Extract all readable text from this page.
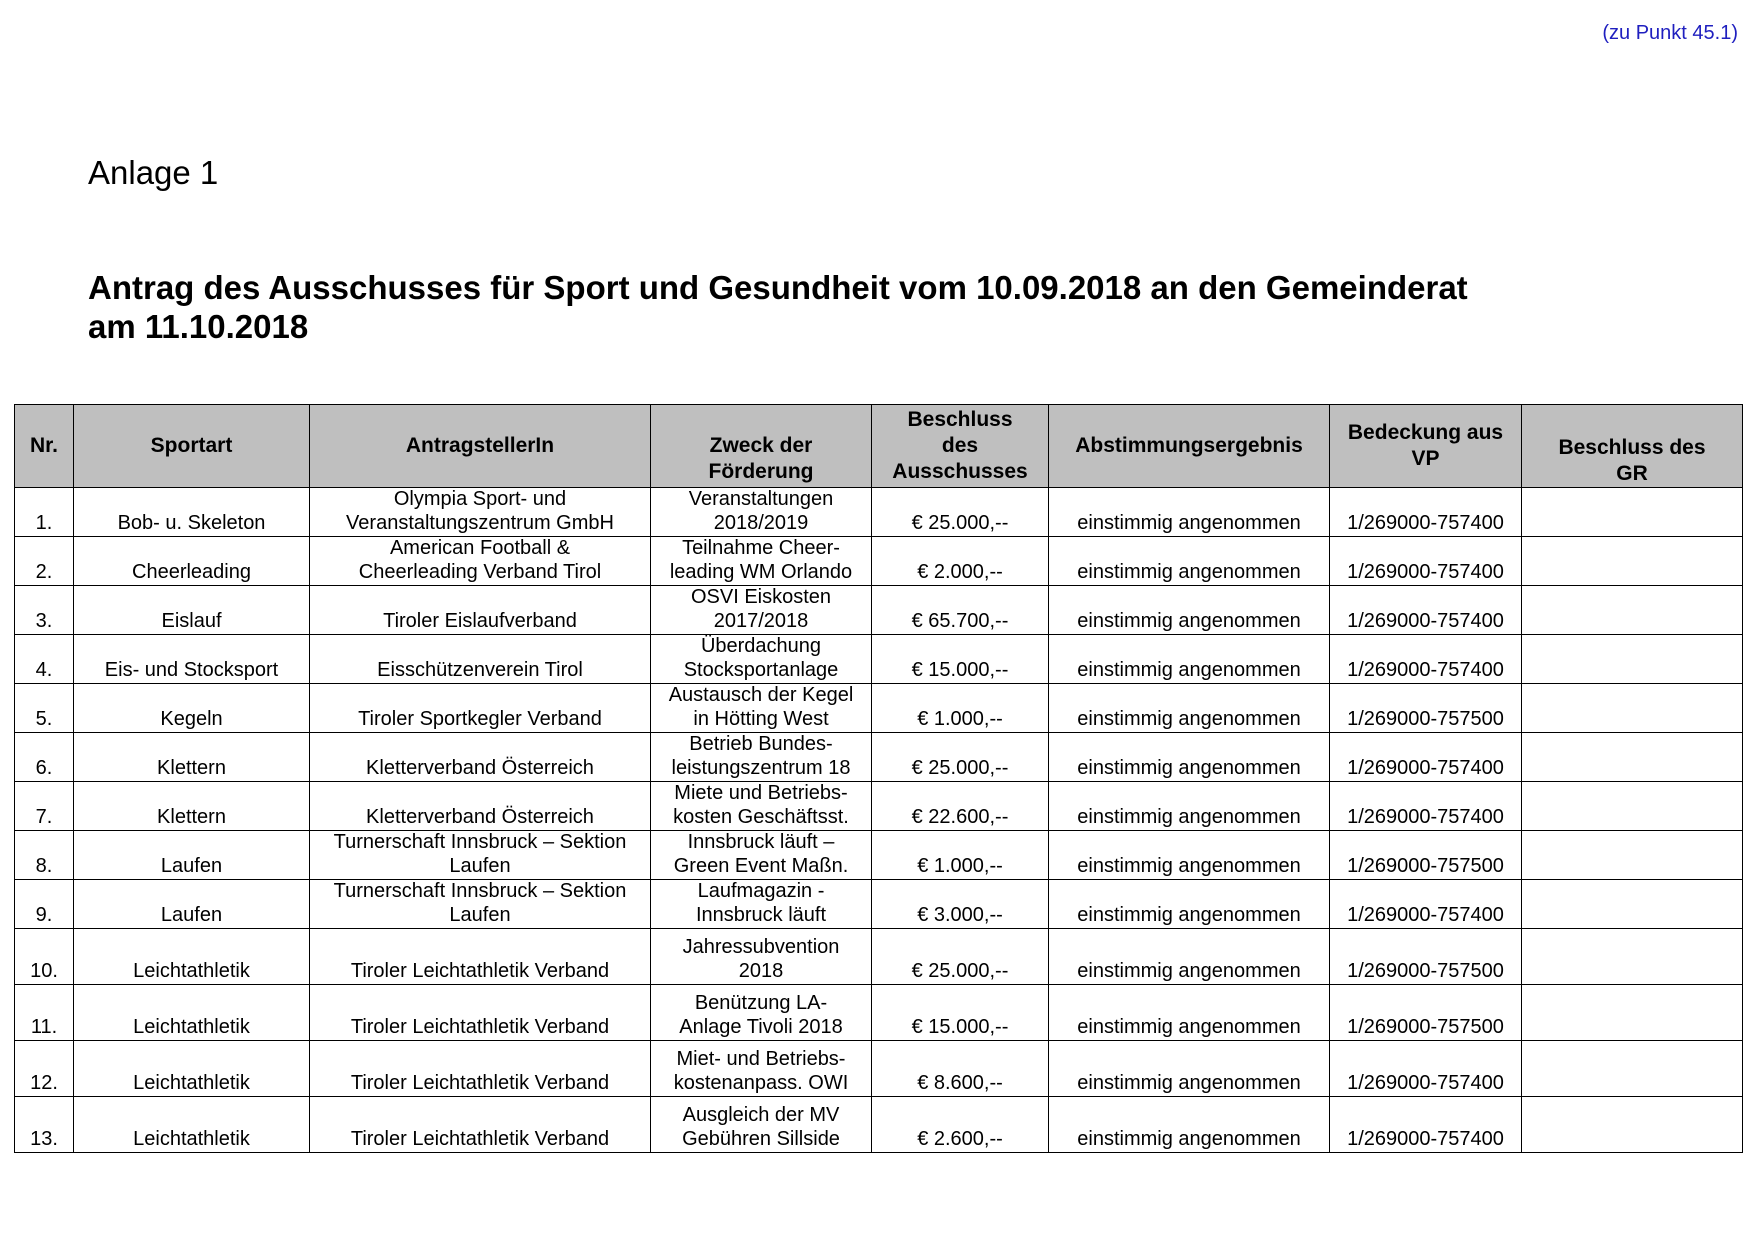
(zu Punkt 45.1)
Anlage 1
Antrag des Ausschusses für Sport und Gesundheit vom 10.09.2018 an den Gemeinderat am 11.10.2018
Nr.	Sportart	AntragstellerIn	Zweck der
Förderung	Beschluss
des
Ausschusses	Abstimmungsergebnis	Bedeckung aus
VP	Beschluss des
GR

1.	Bob- u. Skeleton	Olympia Sport- und
Veranstaltungszentrum GmbH	Veranstaltungen
2018/2019	€ 25.000,--	einstimmig angenommen	1/269000-757400	
2.	Cheerleading	American Football &
Cheerleading Verband Tirol	Teilnahme Cheer-
leading WM Orlando	€ 2.000,--	einstimmig angenommen	1/269000-757400	
3.	Eislauf	Tiroler Eislaufverband	OSVI Eiskosten
2017/2018	€ 65.700,--	einstimmig angenommen	1/269000-757400	
4.	Eis- und Stocksport	Eisschützenverein Tirol	Überdachung
Stocksportanlage	€ 15.000,--	einstimmig angenommen	1/269000-757400	
5.	Kegeln	Tiroler Sportkegler Verband	Austausch der Kegel
in Hötting West	€ 1.000,--	einstimmig angenommen	1/269000-757500	
6.	Klettern	Kletterverband Österreich	Betrieb Bundes-
leistungszentrum 18	€ 25.000,--	einstimmig angenommen	1/269000-757400	
7.	Klettern	Kletterverband Österreich	Miete und Betriebs-
kosten Geschäftsst.	€ 22.600,--	einstimmig angenommen	1/269000-757400	
8.	Laufen	Turnerschaft Innsbruck – Sektion
Laufen	Innsbruck läuft –
Green Event Maßn.	€ 1.000,--	einstimmig angenommen	1/269000-757500	
9.	Laufen	Turnerschaft Innsbruck – Sektion
Laufen	Laufmagazin -
Innsbruck läuft	€ 3.000,--	einstimmig angenommen	1/269000-757400	
10.	Leichtathletik	Tiroler Leichtathletik Verband	Jahressubvention
2018	€ 25.000,--	einstimmig angenommen	1/269000-757500	
11.	Leichtathletik	Tiroler Leichtathletik Verband	Benützung LA-
Anlage Tivoli 2018	€ 15.000,--	einstimmig angenommen	1/269000-757500	
12.	Leichtathletik	Tiroler Leichtathletik Verband	Miet- und Betriebs-
kostenanpass. OWI	€ 8.600,--	einstimmig angenommen	1/269000-757400	
13.	Leichtathletik	Tiroler Leichtathletik Verband	Ausgleich der MV
Gebühren Sillside	€ 2.600,--	einstimmig angenommen	1/269000-757400	
